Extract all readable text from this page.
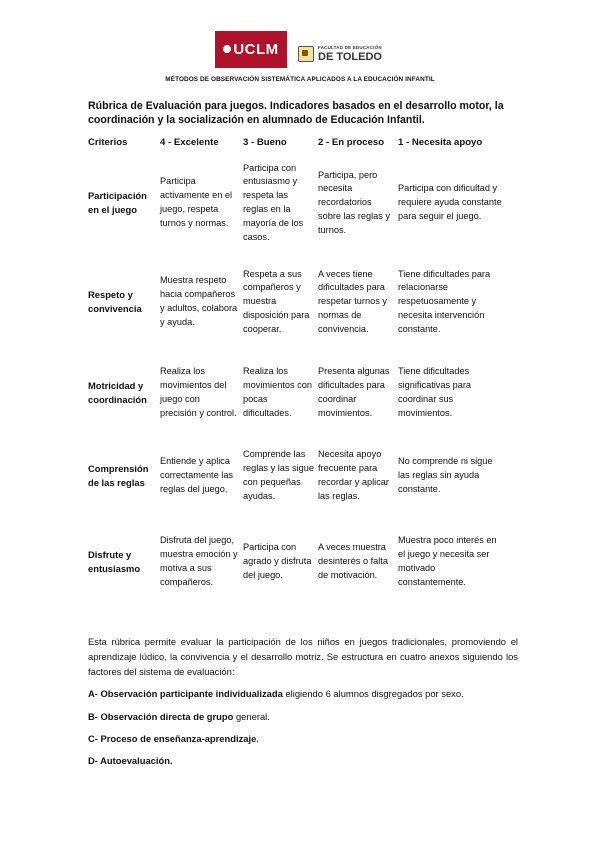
UCLM	FACULTAD DE EDUCACIÓN
DE TOLEDO
MÉTODOS DE OBSERVACIÓN SISTEMÁTICA APLICADOS A LA EDUCACIÓN INFANTIL
Rúbrica de Evaluación para juegos. Indicadores basados en el desarrollo motor, la coordinación y la socialización en alumnado de Educación Infantil.
Criterios	4 - Excelente	3 - Bueno	2 - En proceso	1 - Necesita apoyo
Participación en el juego	Participa activamente en el juego, respeta turnos y normas.	Participa con entusiasmo y respeta las reglas en la mayoría de los casos.	Participa, pero necesita recordatorios sobre las reglas y turnos.	Participa con dificultad y requiere ayuda constante para seguir el juego.
Respeto y convivencia	Muestra respeto hacia compañeros y adultos, colabora y ayuda.	Respeta a sus compañeros y muestra disposición para cooperar.	A veces tiene dificultades para respetar turnos y normas de convivencia.	Tiene dificultades para relacionarse respetuosamente y necesita intervención constante.
Motricidad y coordinación	Realiza los movimientos del juego con precisión y control.	Realiza los movimientos con pocas dificultades.	Presenta algunas dificultades para coordinar movimientos.	Tiene dificultades significativas para coordinar sus movimientos.
Comprensión de las reglas	Entiende y aplica correctamente las reglas del juego.	Comprende las reglas y las sigue con pequeñas ayudas.	Necesita apoyo frecuente para recordar y aplicar las reglas.	No comprende ni sigue las reglas sin ayuda constante.
Disfrute y entusiasmo	Disfruta del juego, muestra emoción y motiva a sus compañeros.	Participa con agrado y disfruta del juego.	A veces muestra desinterés o falta de motivación.	Muestra poco interés en el juego y necesita ser motivado constantemente.

Esta rúbrica permite evaluar la participación de los niños en juegos tradicionales, promoviendo el aprendizaje lúdico, la convivencia y el desarrollo motriz. Se estructura en cuatro anexos siguiendo los factores del sistema de evaluación:

A- Observación participante individualizada eligiendo 6 alumnos disgregados por sexo.
B- Observación directa de grupo general.
C- Proceso de enseñanza-aprendizaje.
D- Autoevaluación.
